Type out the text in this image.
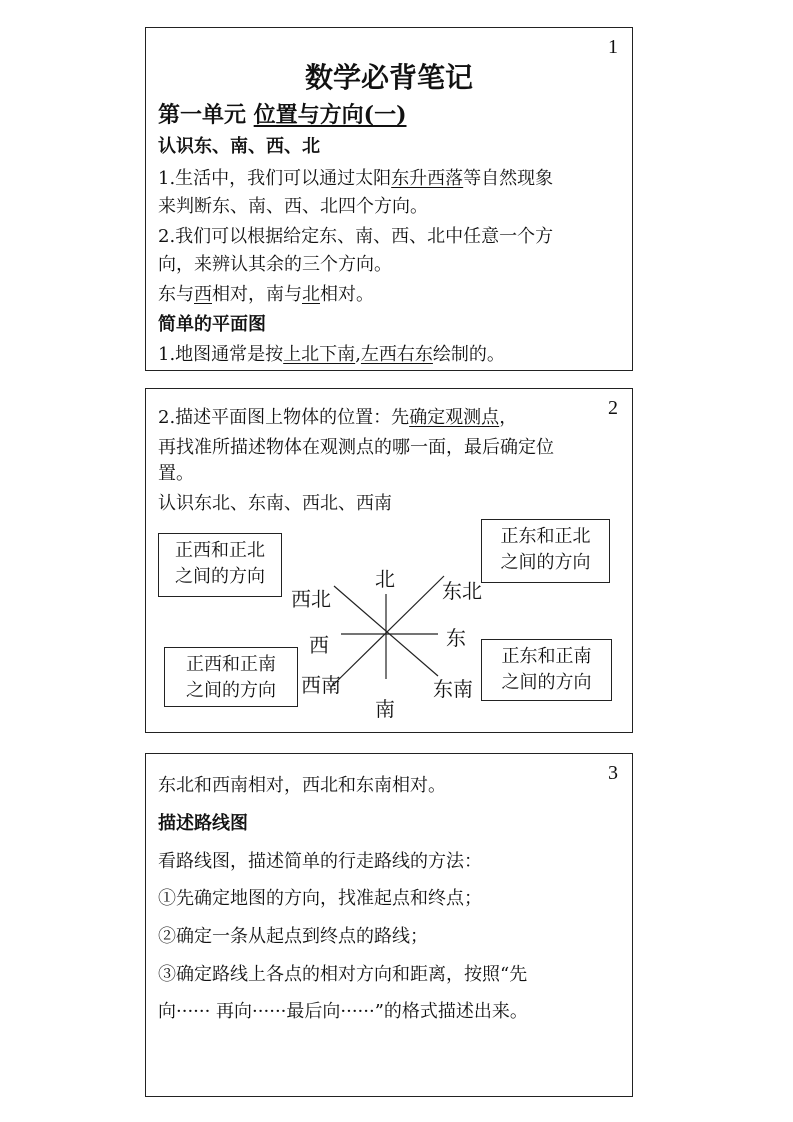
1
数学必背笔记
第一单元 位置与方向(一)
认识东、南、西、北
1.生活中，我们可以通过太阳东升西落等自然现象
来判断东、南、西、北四个方向。
2.我们可以根据给定东、南、西、北中任意一个方
向，来辨认其余的三个方向。
东与西相对，南与北相对。
简单的平面图
1.地图通常是按上北下南,左西右东绘制的。
2
2.描述平面图上物体的位置：先确定观测点，
再找准所描述物体在观测点的哪一面，最后确定位
置。
认识东北、东南、西北、西南
正西和正北
之间的方向
正东和正北
之间的方向
正西和正南
之间的方向
正东和正南
之间的方向
北
南
东
西
东北
西北
东南
西南
3
东北和西南相对，西北和东南相对。
描述路线图
看路线图，描述简单的行走路线的方法：
①先确定地图的方向，找准起点和终点；
②确定一条从起点到终点的路线；
③确定路线上各点的相对方向和距离，按照“先
向······ 再向······最后向······”的格式描述出来。
